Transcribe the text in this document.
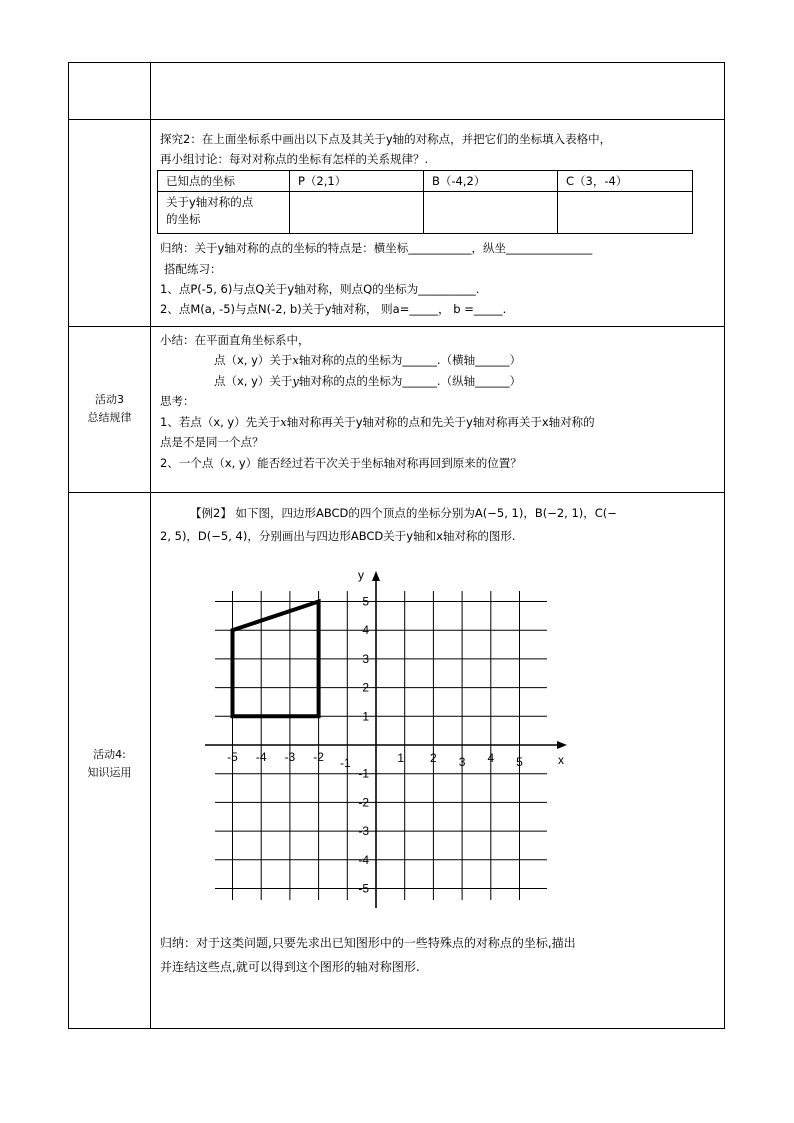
探究2：在上面坐标系中画出以下点及其关于y轴的对称点，并把它们的坐标填入表格中，
再小组讨论：每对对称点的坐标有怎样的关系规律？.
已知点的坐标	P（2,1）	B（-4,2）	C（3，-4）
关于y轴对称的点
的坐标			
归纳：关于y轴对称的点的坐标的特点是：横坐标___________，纵坐_______________
搭配练习：
1、点P(-5, 6)与点Q关于y轴对称，则点Q的坐标为__________.
2、点M(a, -5)与点N(-2, b)关于y轴对称， 则a=_____， b =_____.
活动3
总结规律
小结：在平面直角坐标系中，
点（x, y）关于x轴对称的点的坐标为______.（横轴______）
点（x, y）关于y轴对称的点的坐标为______.（纵轴______）
思考：
1、若点（x, y）先关于x轴对称再关于y轴对称的点和先关于y轴对称再关于x轴对称的
点是不是同一个点？
2、一个点（x, y）能否经过若干次关于坐标轴对称再回到原来的位置？
活动4:
知识运用
【例2】 如下图，四边形ABCD的四个顶点的坐标分别为A(−5, 1)，B(−2, 1)，C(−
2, 5)，D(−5, 4)，分别画出与四边形ABCD关于y轴和x轴对称的图形.
x
y
-5 -4 -3 -2 -1	1 2 3 4 5
5
4
3
2
1
-1
-2
-3
-4
-5
归纳：对于这类问题,只要先求出已知图形中的一些特殊点的对称点的坐标,描出
并连结这些点,就可以得到这个图形的轴对称图形.
